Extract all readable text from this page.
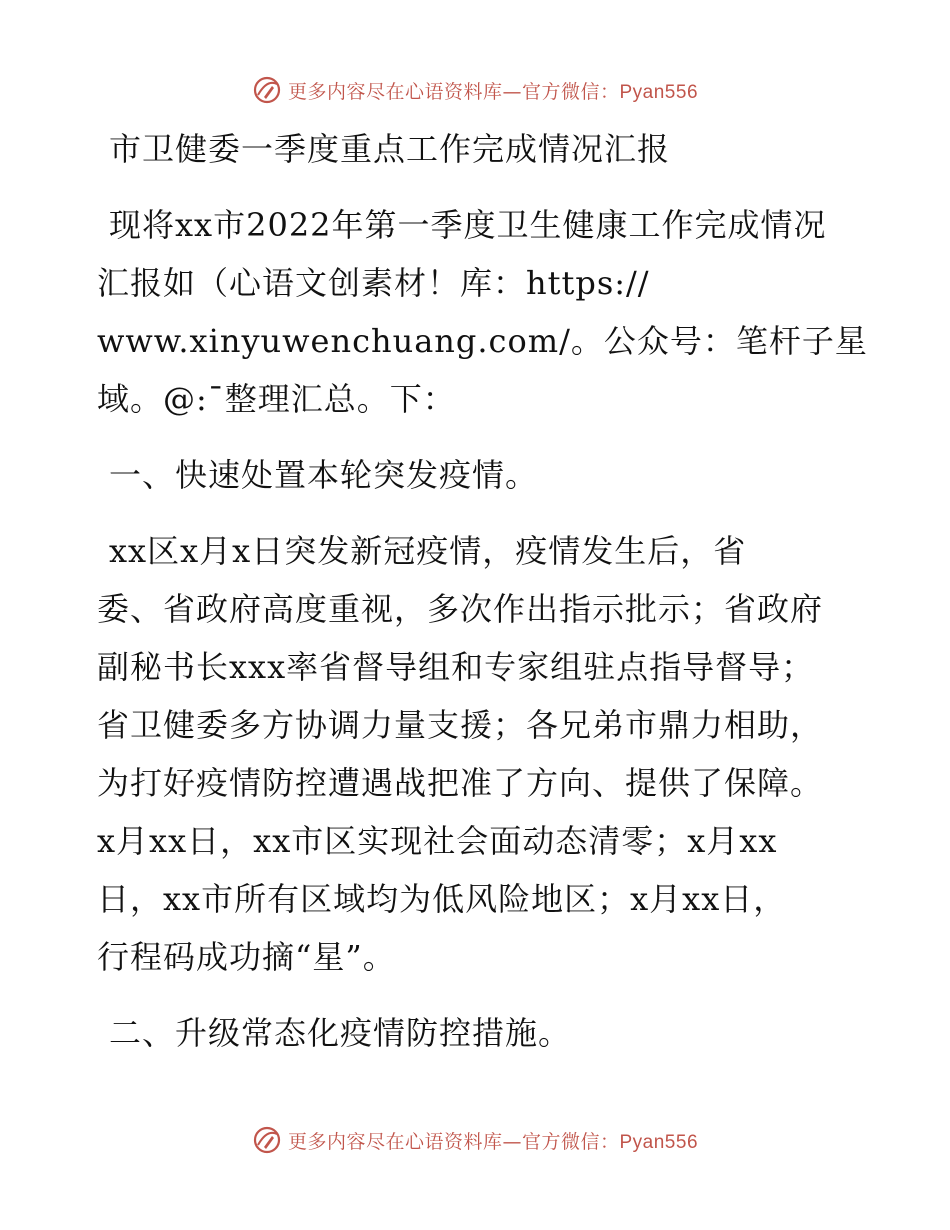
更多内容尽在心语资料库—官方微信：Pyan556
市卫健委一季度重点工作完成情况汇报
现将xx市2022年第一季度卫生健康工作完成情况
汇报如（心语文创素材！库：https://
www.xinyuwenchuang.com/。公众号：笔杆子星
域。@:¯整理汇总。下：
一、快速处置本轮突发疫情。
xx区x月x日突发新冠疫情，疫情发生后，省
委、省政府高度重视，多次作出指示批示；省政府
副秘书长xxx率省督导组和专家组驻点指导督导；
省卫健委多方协调力量支援；各兄弟市鼎力相助，
为打好疫情防控遭遇战把准了方向、提供了保障。
x月xx日，xx市区实现社会面动态清零；x月xx
日，xx市所有区域均为低风险地区；x月xx日，
行程码成功摘“星”。
二、升级常态化疫情防控措施。
更多内容尽在心语资料库—官方微信：Pyan556
